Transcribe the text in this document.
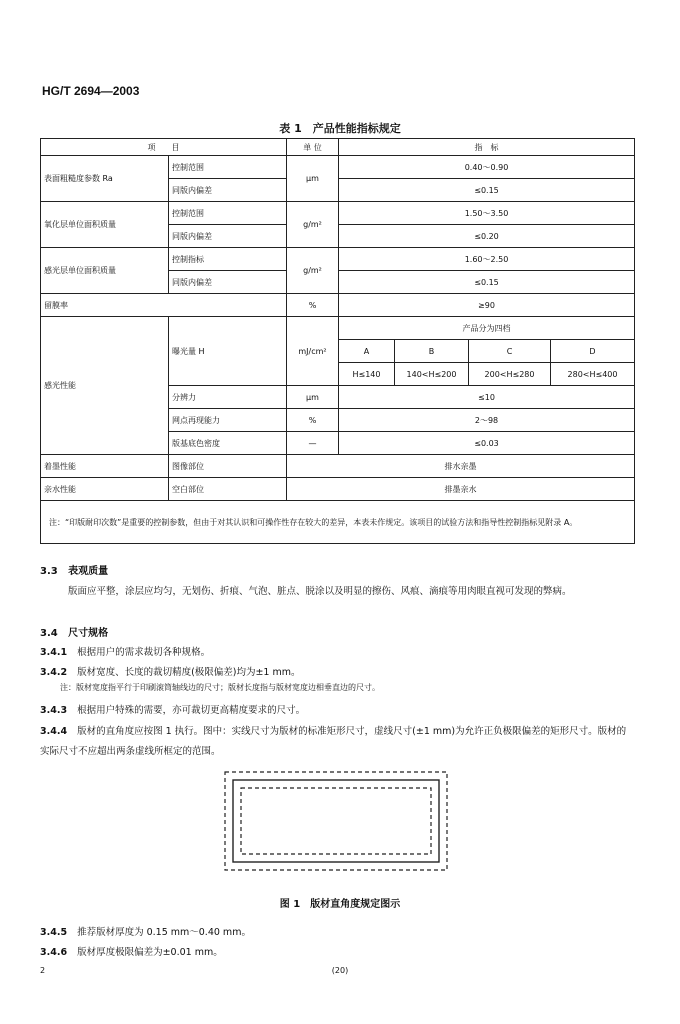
HG/T 2694—2003
表 1　产品性能指标规定
项　　目		单 位	指　标			
表面粗糙度参数 Ra	控制范围	μm	0.40～0.90			
	同版内偏差		≤0.15			
氧化层单位面积质量	控制范围	g/m²	1.50～3.50			
	同版内偏差		≤0.20			
感光层单位面积质量	控制指标	g/m²	1.60～2.50			
	同版内偏差		≤0.15			
留膜率		%	≥90			
感光性能	曝光量 H	mJ/cm²	产品分为四档			
			A	B	C	D
			H≤140	140<H≤200	200<H≤280	280<H≤400
	分辨力	μm	≤10			
	网点再现能力	%	2～98			
	版基底色密度	—	≤0.03			
着墨性能	图像部位	排水亲墨				
亲水性能	空白部位	排墨亲水				
注：“印版耐印次数”是重要的控制参数，但由于对其认识和可操作性存在较大的差异，本表未作规定。该项目的试验方法和指导性控制指标见附录 A。						
3.3 表观质量
版面应平整，涂层应均匀，无划伤、折痕、气泡、脏点、脱涂以及明显的擦伤、风痕、滴痕等用肉眼直视可发现的弊病。
3.4 尺寸规格
3.4.1 根据用户的需求裁切各种规格。
3.4.2 版材宽度、长度的裁切精度(极限偏差)均为±1 mm。
注：版材宽度指平行于印刷滚筒轴线边的尺寸；版材长度指与版材宽度边相垂直边的尺寸。
3.4.3 根据用户特殊的需要，亦可裁切更高精度要求的尺寸。
3.4.4 版材的直角度应按图 1 执行。图中：实线尺寸为版材的标准矩形尺寸，虚线尺寸(±1 mm)为允许正负极限偏差的矩形尺寸。版材的实际尺寸不应超出两条虚线所框定的范围。
图 1　版材直角度规定图示
3.4.5 推荐版材厚度为 0.15 mm～0.40 mm。
3.4.6 版材厚度极限偏差为±0.01 mm。
2	(20)
